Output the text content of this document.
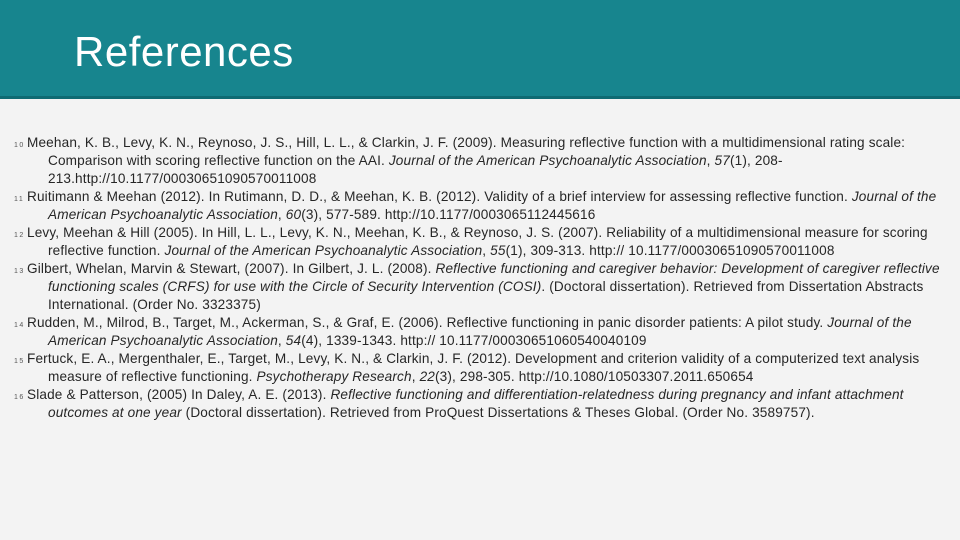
References

10 Meehan, K. B., Levy, K. N., Reynoso, J. S., Hill, L. L., & Clarkin, J. F. (2009). Measuring reflective function with a multidimensional rating scale: Comparison with scoring reflective function on the AAI. Journal of the American Psychoanalytic Association, 57(1), 208-213.http://10.1177/0003065109057001100​8

11 Ruitimann & Meehan (2012). In Rutimann, D. D., & Meehan, K. B. (2012). Validity of a brief interview for assessing reflective function. Journal of the American Psychoanalytic Association, 60(3), 577-589. http://10.1177/0003065112445616

12 Levy, Meehan & Hill (2005). In Hill, L. L., Levy, K. N., Meehan, K. B., & Reynoso, J. S. (2007). Reliability of a multidimensional measure for scoring reflective function. Journal of the American Psychoanalytic Association, 55(1), 309-313. http:// 10.1177/00030651090570011008

13 Gilbert, Whelan, Marvin & Stewart, (2007). In Gilbert, J. L. (2008). Reflective functioning and caregiver behavior: Development of caregiver reflective functioning scales (CRFS) for use with the Circle of Security Intervention (COSI). (Doctoral dissertation). Retrieved from Dissertation Abstracts International. (Order No. 3323375)

14 Rudden, M., Milrod, B., Target, M., Ackerman, S., & Graf, E. (2006). Reflective functioning in panic disorder patients: A pilot study. Journal of the American Psychoanalytic Association, 54(4), 1339-1343. http:// 10.1177/00030651060540040109

15 Fertuck, E. A., Mergenthaler, E., Target, M., Levy, K. N., & Clarkin, J. F. (2012). Development and criterion validity of a computerized text analysis measure of reflective functioning. Psychotherapy Research, 22(3), 298-305. http://10.1080/10503307.2011.650654

16 Slade & Patterson, (2005) In Daley, A. E. (2013). Reflective functioning and differentiation-relatedness during pregnancy and infant attachment outcomes at one year (Doctoral dissertation). Retrieved from ProQuest Dissertations & Theses Global. (Order No. 3589757).
